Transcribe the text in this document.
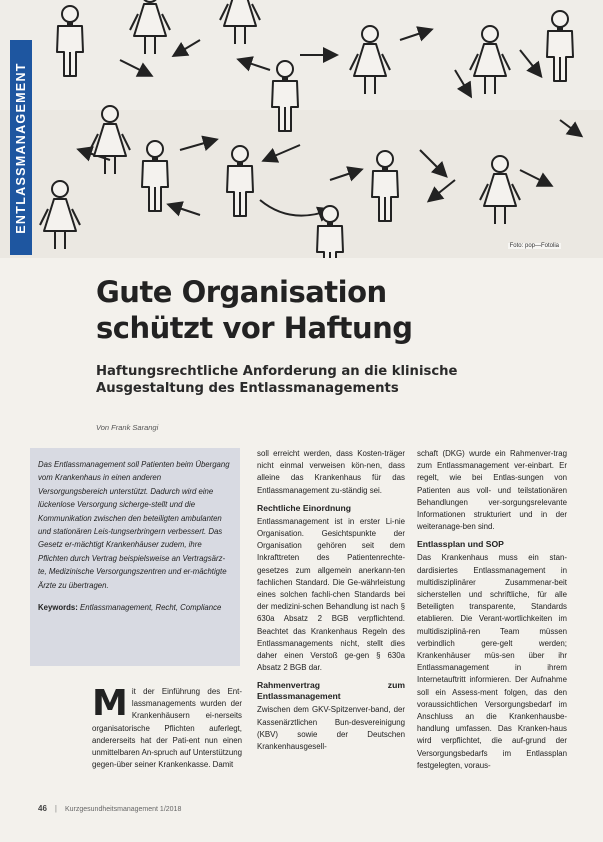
Foto: pop—Fotolia
ENTLASSMANAGEMENT
Gute Organisation
schützt vor Haftung
Haftungsrechtliche Anforderung an die klinische Ausgestaltung des Entlassmanagements
Von Frank Sarangi

Das Entlassmanagement soll Patienten beim Übergang vom Krankenhaus in einen anderen Versorgungsbereich unterstützt. Dadurch wird eine lückenlose Versorgung sicherge-stellt und die Kommunikation zwischen den beteiligten ambulanten und stationären Leis-tungserbringern verbessert. Das Gesetz er-mächtigt Krankenhäuser zudem, ihre Pflichten durch Vertrag beispielsweise an Vertragsärz-te, Medizinische Versorgungszentren und er-mächtigte Ärzte zu übertragen.

Keywords: Entlassmanagement, Recht, Compliance

M it der Einführung des Ent-lassmanagements wurden der Krankenhäusern ei-nerseits organisatorische Pflichten auferlegt, andererseits hat der Pati-ent nun einen unmittelbaren An-spruch auf Unterstützung gegen-über seiner Krankenkasse. Damit

soll erreicht werden, dass Kosten-träger nicht einmal verweisen kön-nen, dass alleine das Krankenhaus für das Entlassmanagement zu-ständig sei.

Rechtliche Einordnung

Entlassmanagement ist in erster Li-nie Organisation. Gesichtspunkte der Organisation gehören seit dem Inkrafttreten des Patientenrechte-gesetzes zum allgemein anerkann-ten fachlichen Standard. Die Ge-währleistung eines solchen fachli-chen Standards bei der medizini-schen Behandlung ist nach § 630a Absatz 2 BGB verpflichtend. Beachtet das Krankenhaus Regeln des Entlassmanagements nicht, stellt dies daher einen Verstoß ge-gen § 630a Absatz 2 BGB dar.

Rahmenvertrag zum Entlassmanagement

Zwischen dem GKV-Spitzenver-band, der Kassenärztlichen Bun-desvereinigung (KBV) sowie der Deutschen Krankenhausgesell-

schaft (DKG) wurde ein Rahmenver-trag zum Entlassmanagement ver-einbart. Er regelt, wie bei Entlas-sungen von Patienten aus voll- und teilstationären Behandlungen ver-sorgungsrelevante Informationen strukturiert und in der weiteranage-ben sind.

Entlassplan und SOP

Das Krankenhaus muss ein stan-dardisiertes Entlassmanagement in multidisziplinärer Zusammenar-beit sicherstellen und schriftliche, für alle Beteiligten transparente, Standards etablieren. Die Verant-wortlichkeiten im multidisziplinä-ren Team müssen verbindlich gere-gelt werden; Krankenhäuser müs-sen über ihr Entlassmanagement in ihrem Internetauftritt informieren. Der Aufnahme soll ein Assess-ment folgen, das den voraussichtlichen Versorgungsbedarf im Anschluss an die Krankenhausbe-handlung umfassen. Das Kranken-haus wird verpflichtet, die auf-grund der Versorgungsbedarfs im Entlassplan festgelegten, voraus-

46 | Kurzgesundheitsmanagement 1/2018
